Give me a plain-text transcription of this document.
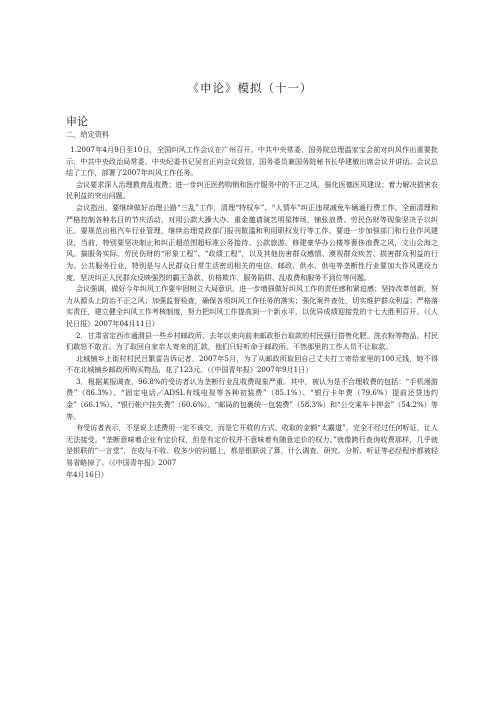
《申论》模拟（十一）
申论
二、给定资料

1.2007年4月9日至10日，全国纠风工作会议在广州召开。中共中央常委、国务院总理温家宝会前对纠风作出重要批示，中共中央政治局常委、中央纪委书记吴官正向会议致信，国务委员兼国务院秘书长华建敏出席会议并讲话。会议总结了工作，部署了2007年纠风工作任务。

会议要求深入治理教育乱收费；进一步纠正医药购销和医疗服务中的不正之风，强化医德医风建设；着力解决损害农民利益的突出问题。

会议指出，要继续做好治理公路“三乱”工作，清理“特权车”、“人情车”纠正违规减免车辆通行费工作。全面清理和严格控制各种名目的节庆活动，对用公款大操大办、重金邀请演艺明星捧场，铺张浪费、劳民伤财等现象坚决予以纠正。要规范出租汽车行业管理，继续治理党政部门报刊散滥和利用职权发行等工作。要进一步加强部门和行业作风建设，当前，特别要坚决制止和纠正超范围超标准公务接待、公款旅游、修建豪华办公楼等奢侈浪费之风，文山会海之风。搞服务实际、劳民伤财的“形象工程”、“政绩工程”，以及其他伤害群众感情、漠视群众疾苦、损害群众利益的行为。公共服务行业，特别是与人民群众日常生活密切相关的电信、邮政、供水、供电等垄断性行业要加大作风建设力度，坚决纠正人民群众反映强烈的霸王条款、价格欺诈、服务陷阱、乱收费和服务不到位等问题。

会议强调，做好今年纠风工作要牢固树立大局意识，进一步增强做好纠风工作的责任感和紧迫感；坚持改革创新，努力从源头上防治不正之风；加强监督检查，确保各项纠风工作任务的落实；强化案件查处，切实维护群众利益；严格落实责任，建立健全纠风工作考核制度，努力把纠风工作提高到一个新水平，以优异成绩迎接党的十七大胜利召开。（《人民日报》2007年04月11日）

2．甘肃省定西市通渭县一些乡村邮政所，去年以来向前来邮政柜台取款的村民强行搭售化肥、洗衣粉等物品，村民们敢怒不敢言。为了取回自家亲人寄来的汇款，他们只好听命于邮政所。不然那里的工作人员不让取款。

北城铺乡上街村村民吕繁雷告诉记者，2007年5月，为了从邮政所取回自己丈夫打工寄给家里的100元钱，她不得不在北城铺乡邮政所购买物品，花了123元。（《中国青年报》2007年9月1日）

3．根据某报调查，96.8%的受访者认为垄断行业乱收费现象严重。其中，被认为是不合理收费的包括：“手机漫游费”（86.3%）、“固定电话／ADSL有线电视等各种初装费”（85.1%）、“银行卡年费（79.6%）提前还贷违约金”（66.1%）、“银行帐户挂失费”（60.6%）、“邮局的包裹统一包装费”（58.3%）和“公交乘车卡押金”（54.2%）等等。

有受访者表示，不是说上述费用一定不该交，而是它开收的方式、收取的金额“太霸道”，完全不经过任何听证，让人无法接受。“垄断意味着企业有定价权，但是有定价权并不意味着有随意定价的权力。”就像跨行查询收费那样，几乎就是银联的“一言堂”，在收与不收、收多少的问题上，都是银联说了算，什么调查、研究、分析、听证等必经程序都被轻易省略掉了。（《中国青年报》2007

年4月16日）
